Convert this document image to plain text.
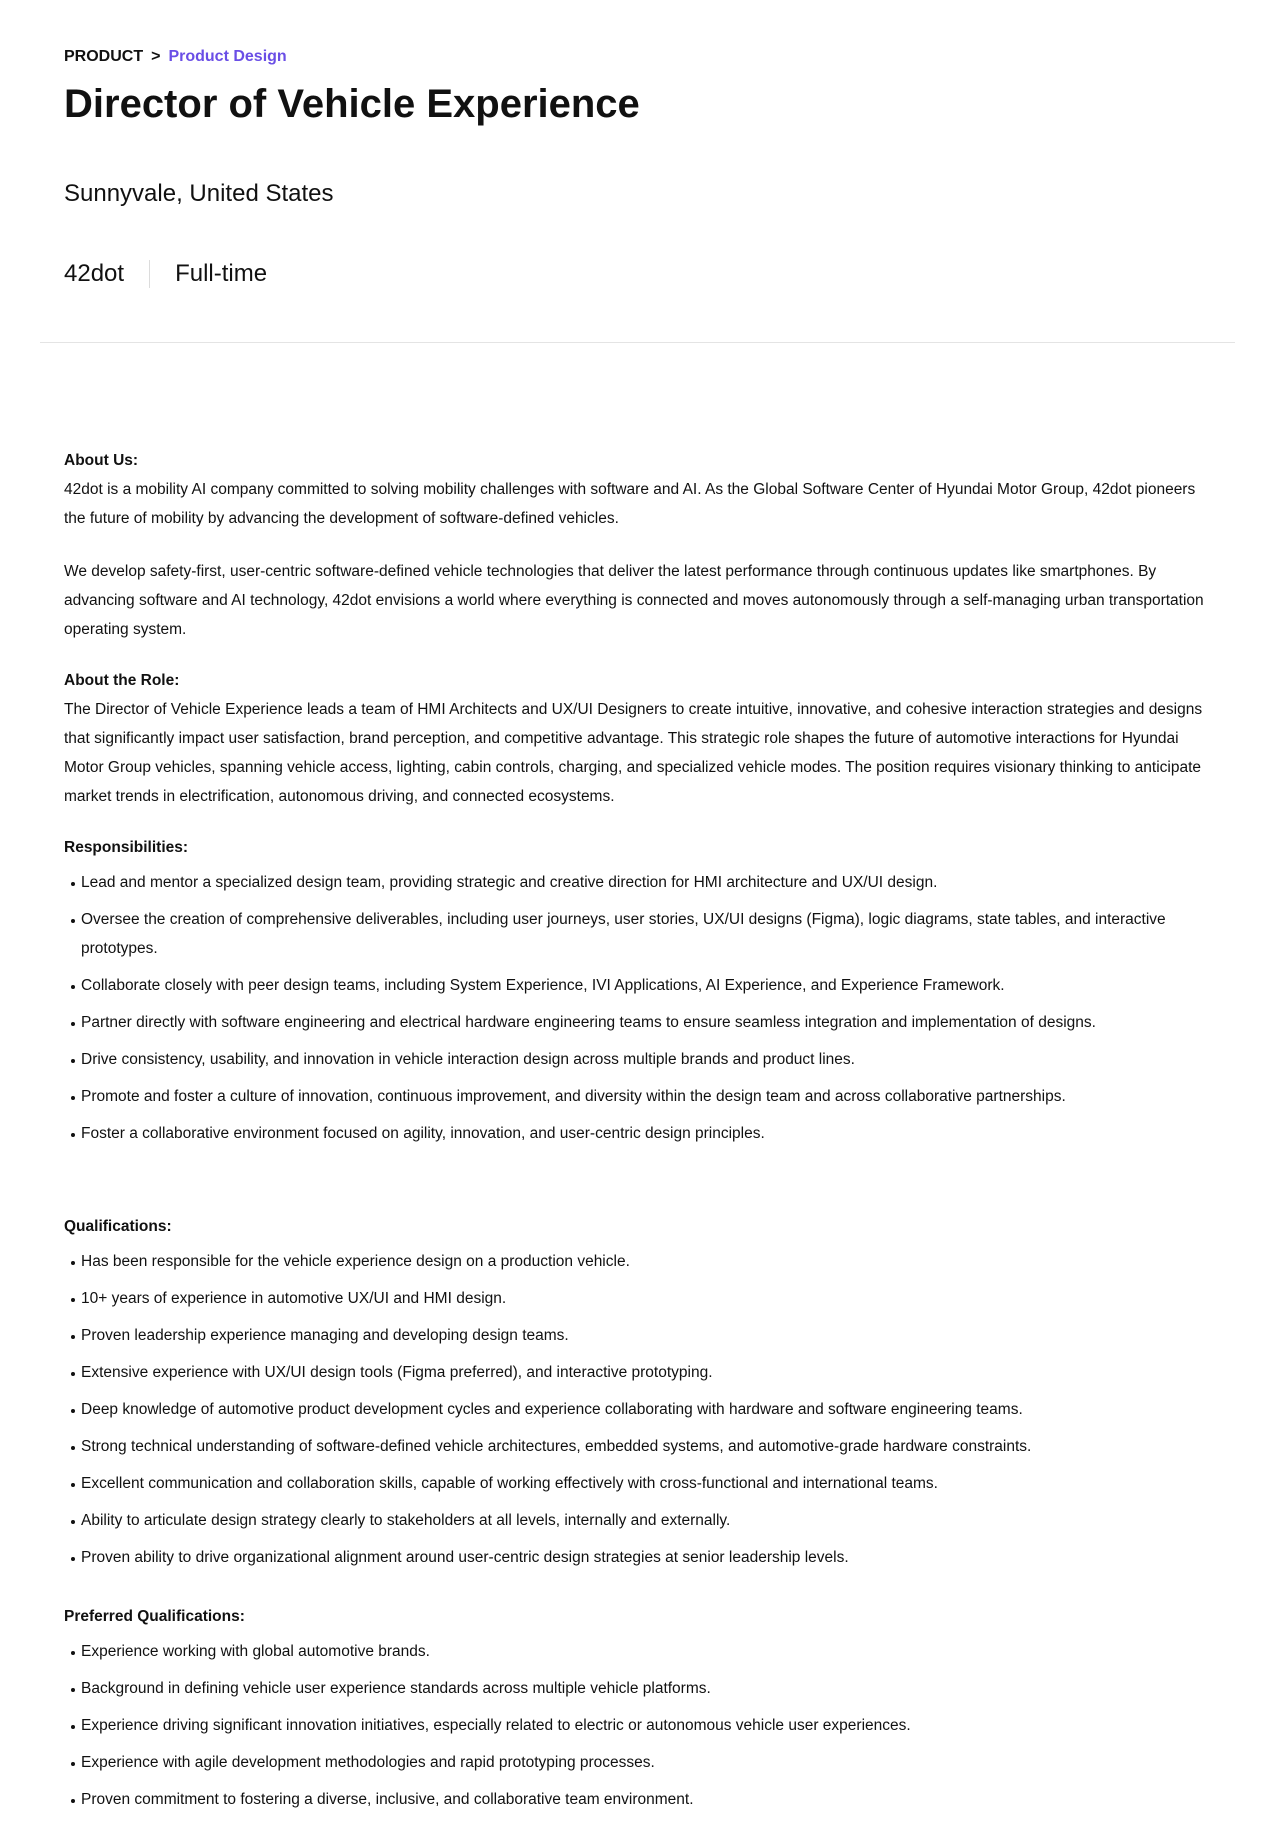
PRODUCT > Product Design
Director of Vehicle Experience
Sunnyvale, United States
42dot Full-time
About Us:

42dot is a mobility AI company committed to solving mobility challenges with software and AI. As the Global Software Center of Hyundai Motor Group, 42dot pioneers the future of mobility by advancing the development of software-defined vehicles.

We develop safety-first, user-centric software-defined vehicle technologies that deliver the latest performance through continuous updates like smartphones. By advancing software and AI technology, 42dot envisions a world where everything is connected and moves autonomously through a self-managing urban transportation operating system.

About the Role:

The Director of Vehicle Experience leads a team of HMI Architects and UX/UI Designers to create intuitive, innovative, and cohesive interaction strategies and designs that significantly impact user satisfaction, brand perception, and competitive advantage. This strategic role shapes the future of automotive interactions for Hyundai Motor Group vehicles, spanning vehicle access, lighting, cabin controls, charging, and specialized vehicle modes. The position requires visionary thinking to anticipate market trends in electrification, autonomous driving, and connected ecosystems.

Responsibilities:
Lead and mentor a specialized design team, providing strategic and creative direction for HMI architecture and UX/UI design.
Oversee the creation of comprehensive deliverables, including user journeys, user stories, UX/UI designs (Figma), logic diagrams, state tables, and interactive prototypes.
Collaborate closely with peer design teams, including System Experience, IVI Applications, AI Experience, and Experience Framework.
Partner directly with software engineering and electrical hardware engineering teams to ensure seamless integration and implementation of designs.
Drive consistency, usability, and innovation in vehicle interaction design across multiple brands and product lines.
Promote and foster a culture of innovation, continuous improvement, and diversity within the design team and across collaborative partnerships.
Foster a collaborative environment focused on agility, innovation, and user-centric design principles.
Qualifications:
Has been responsible for the vehicle experience design on a production vehicle.
10+ years of experience in automotive UX/UI and HMI design.
Proven leadership experience managing and developing design teams.
Extensive experience with UX/UI design tools (Figma preferred), and interactive prototyping.
Deep knowledge of automotive product development cycles and experience collaborating with hardware and software engineering teams.
Strong technical understanding of software-defined vehicle architectures, embedded systems, and automotive-grade hardware constraints.
Excellent communication and collaboration skills, capable of working effectively with cross-functional and international teams.
Ability to articulate design strategy clearly to stakeholders at all levels, internally and externally.
Proven ability to drive organizational alignment around user-centric design strategies at senior leadership levels.
Preferred Qualifications:
Experience working with global automotive brands.
Background in defining vehicle user experience standards across multiple vehicle platforms.
Experience driving significant innovation initiatives, especially related to electric or autonomous vehicle user experiences.
Experience with agile development methodologies and rapid prototyping processes.
Proven commitment to fostering a diverse, inclusive, and collaborative team environment.
